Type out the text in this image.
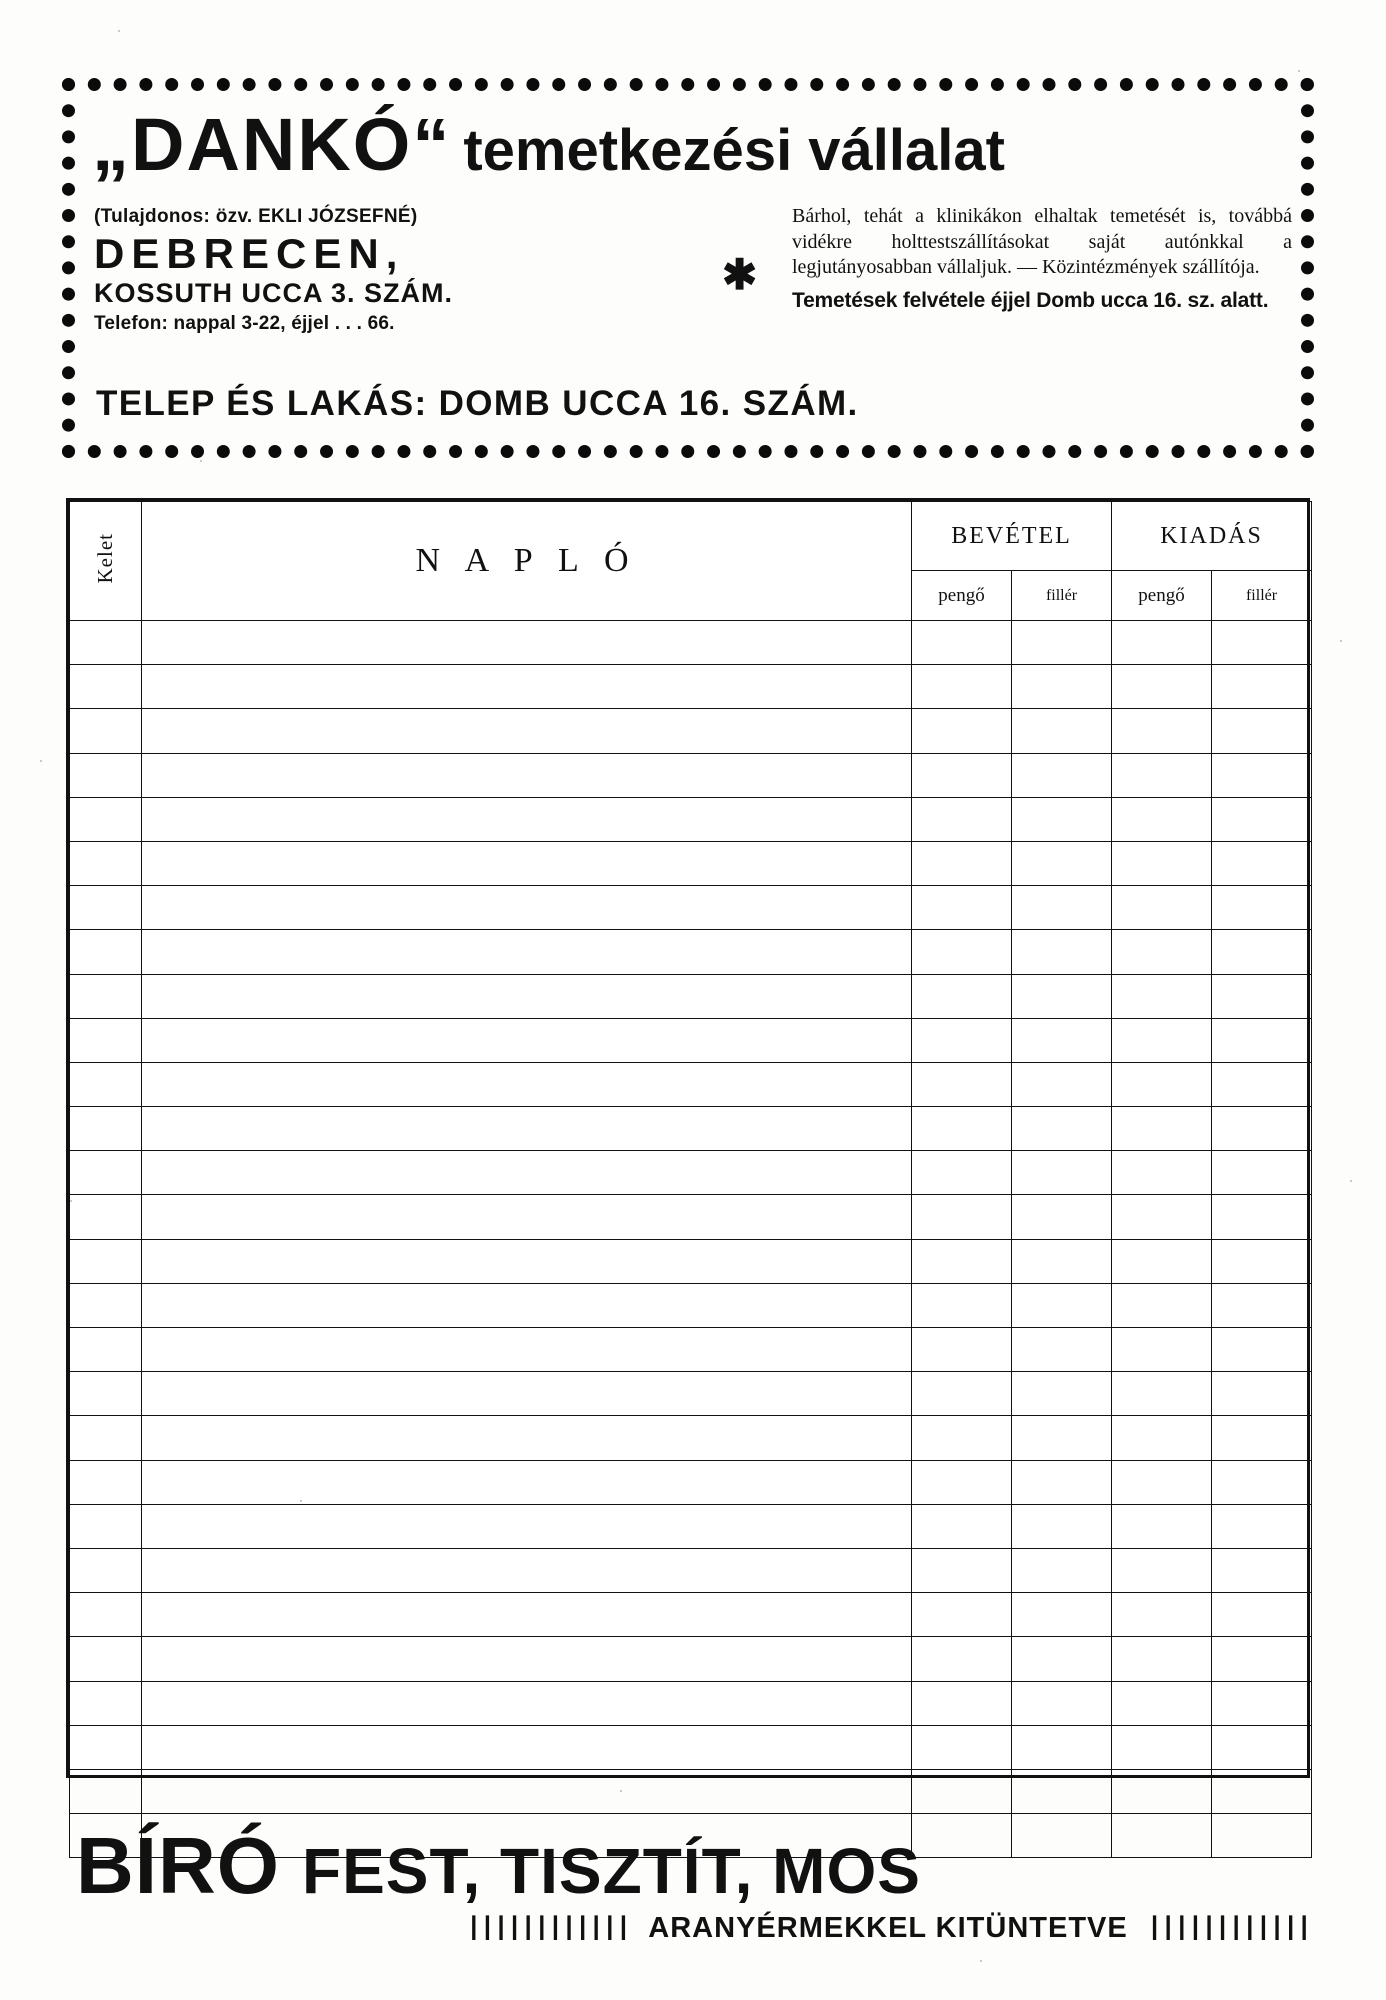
„DANKÓ“ temetkezési vállalat
(Tulajdonos: özv. EKLI JÓZSEFNÉ)
DEBRECEN,
KOSSUTH UCCA 3. SZÁM.
Telefon: nappal 3-22, éjjel . . . 66.
✱
Bárhol, tehát a klinikákon elhaltak temetését is, továbbá vidékre holttestszállításokat saját autónkkal a legjutányosabban vállaljuk. — Közintézmények szállítója.
Temetések felvétele éjjel Domb ucca 16. sz. alatt.
TELEP ÉS LAKÁS: DOMB UCCA 16. SZÁM.
Kelet	N A P L Ó	BEVÉTEL		KIADÁS	
		pengő	fillér	pengő	fillér

BÍRÓ FEST, TISZTÍT, MOS
|||||||||||| ARANYÉRMEKKEL KITÜNTETVE ||||||||||||
